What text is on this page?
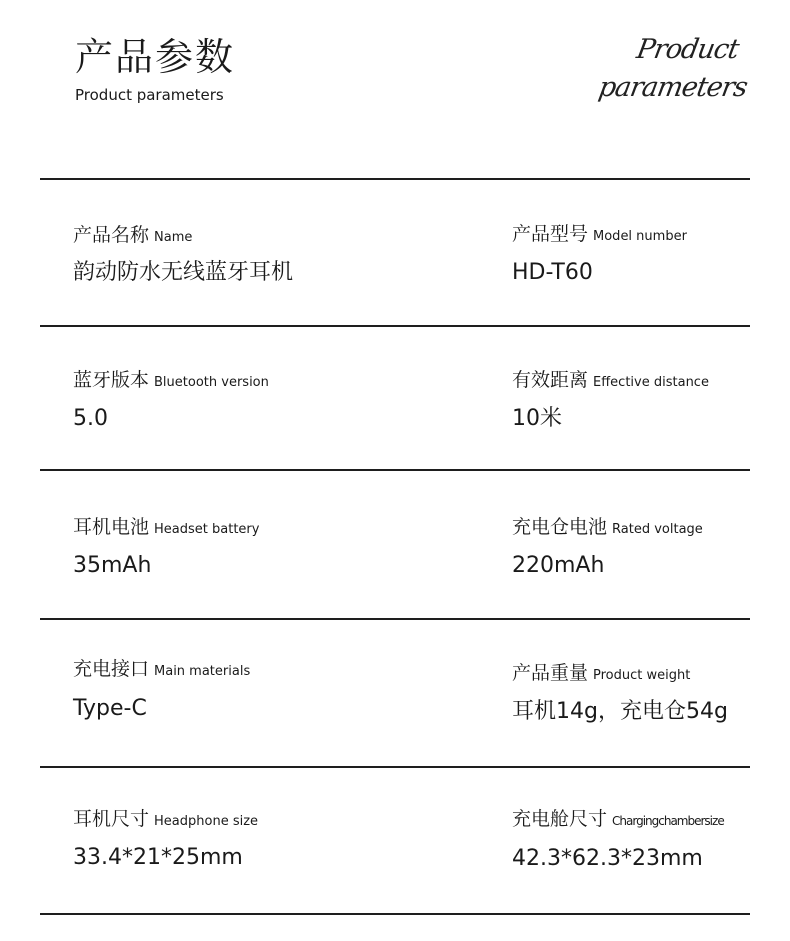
产品参数
Product parameters
Product
parameters
产品名称 Name
韵动防水无线蓝牙耳机
产品型号 Model number
HD-T60
蓝牙版本 Bluetooth version
5.0
有效距离 Effective distance
10米
耳机电池 Headset battery
35mAh
充电仓电池 Rated voltage
220mAh
充电接口 Main materials
Type-C
产品重量 Product weight
耳机14g，充电仓54g
耳机尺寸 Headphone size
33.4*21*25mm
充电舱尺寸 Chargingchambersize
42.3*62.3*23mm
